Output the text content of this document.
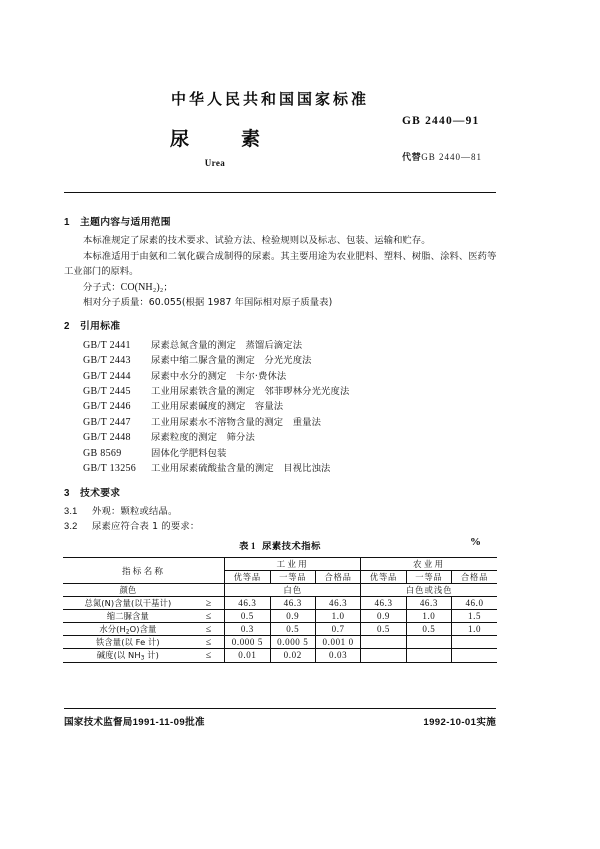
中华人民共和国国家标准
尿素
Urea
GB 2440—91
代替GB 2440—81
1 主题内容与适用范围

本标准规定了尿素的技术要求、试验方法、检验规则以及标志、包装、运输和贮存。

本标准适用于由氨和二氧化碳合成制得的尿素。其主要用途为农业肥料、塑料、树脂、涂料、医药等

工业部门的原料。

分子式：CO(NH₂)₂；

相对分子质量：60.055(根据 1987 年国际相对原子质量表)

2 引用标准

GB/T 2441 尿素总氮含量的测定　蒸馏后滴定法

GB/T 2443 尿素中缩二脲含量的测定　分光光度法

GB/T 2444 尿素中水分的测定　卡尔·费休法

GB/T 2445 工业用尿素铁含量的测定　邻菲啰林分光光度法

GB/T 2446 工业用尿素碱度的测定　容量法

GB/T 2447 工业用尿素水不溶物含量的测定　重量法

GB/T 2448 尿素粒度的测定　筛分法

GB 8569	固体化学肥料包装

GB/T 13256 工业用尿素硫酸盐含量的测定　目视比浊法

3 技术要求

3.1 外观：颗粒或结晶。

3.2 尿素应符合表 1 的要求：

表 1 尿素技术指标	%
指标名称		工业用			农业用		
		优等品	一等品	合格品	优等品	一等品	合格品
颜色		白色			白色或浅色		
总氮(N)含量(以干基计)	≥	46.3	46.3	46.3	46.3	46.3	46.0
缩二脲含量	≤	0.5	0.9	1.0	0.9	1.0	1.5
水分$(H_2O)$含量	≤	0.3	0.5	0.7	0.5	0.5	1.0
铁含量(以 Fe 计)	≤	0.000 5	0.000 5	0.001 0			
碱度(以 $NH_3$ 计)	≤	0.01	0.02	0.03			
国家技术监督局1991-11-09批准	1992-10-01实施
